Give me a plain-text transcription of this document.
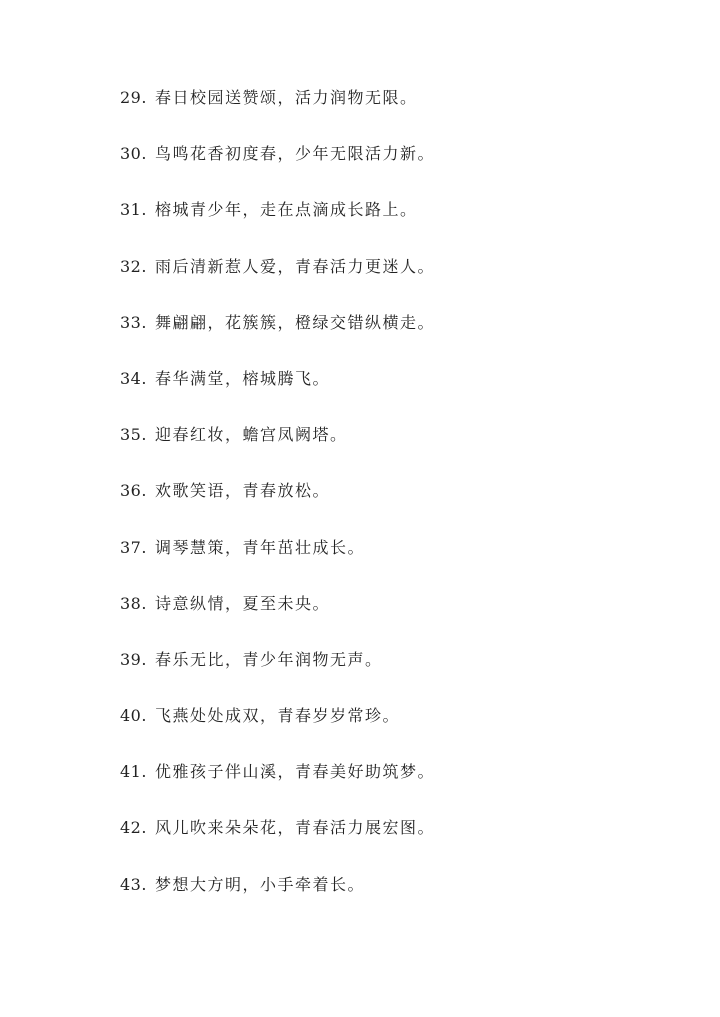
29. 春日校园送赞颂，活力润物无限。
30. 鸟鸣花香初度春，少年无限活力新。
31. 榕城青少年，走在点滴成长路上。
32. 雨后清新惹人爱，青春活力更迷人。
33. 舞翩翩，花簇簇，橙绿交错纵横走。
34. 春华满堂，榕城腾飞。
35. 迎春红妆，蟾宫凤阙塔。
36. 欢歌笑语，青春放松。
37. 调琴慧策，青年茁壮成长。
38. 诗意纵情，夏至未央。
39. 春乐无比，青少年润物无声。
40. 飞燕处处成双，青春岁岁常珍。
41. 优雅孩子伴山溪，青春美好助筑梦。
42. 风儿吹来朵朵花，青春活力展宏图。
43. 梦想大方明，小手牵着长。
